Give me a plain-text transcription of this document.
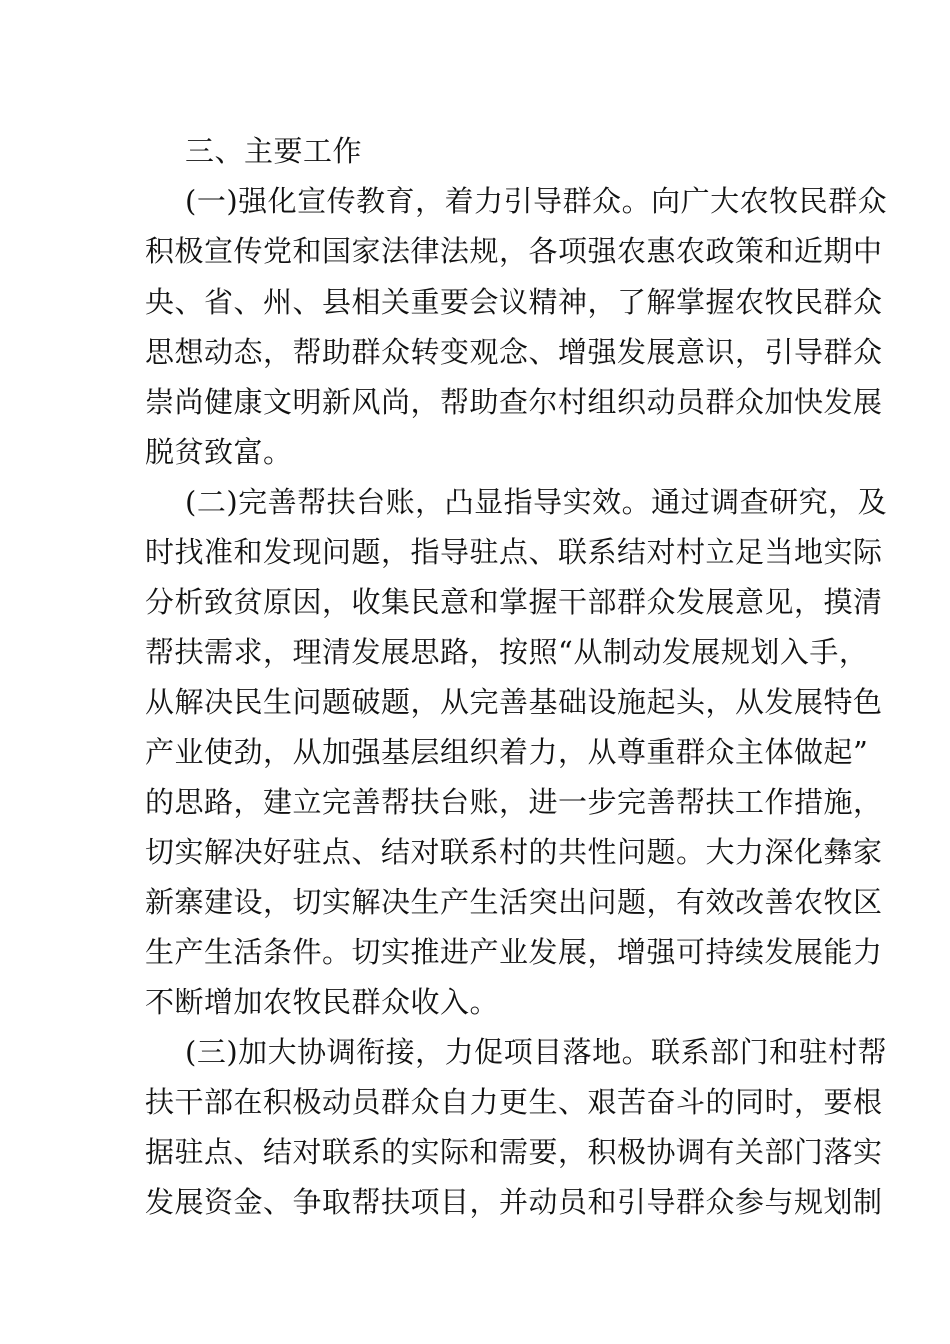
三、主要工作

(一)强化宣传教育，着力引导群众。向广大农牧民群众

积极宣传党和国家法律法规，各项强农惠农政策和近期中

央、省、州、县相关重要会议精神，了解掌握农牧民群众

思想动态，帮助群众转变观念、增强发展意识，引导群众

崇尚健康文明新风尚，帮助查尔村组织动员群众加快发展

脱贫致富。

(二)完善帮扶台账，凸显指导实效。通过调查研究，及

时找准和发现问题，指导驻点、联系结对村立足当地实际

分析致贫原因，收集民意和掌握干部群众发展意见，摸清

帮扶需求，理清发展思路，按照“从制动发展规划入手，

从解决民生问题破题，从完善基础设施起头，从发展特色

产业使劲，从加强基层组织着力，从尊重群众主体做起”

的思路，建立完善帮扶台账，进一步完善帮扶工作措施，

切实解决好驻点、结对联系村的共性问题。大力深化彝家

新寨建设，切实解决生产生活突出问题，有效改善农牧区

生产生活条件。切实推进产业发展，增强可持续发展能力

不断增加农牧民群众收入。

(三)加大协调衔接，力促项目落地。联系部门和驻村帮

扶干部在积极动员群众自力更生、艰苦奋斗的同时，要根

据驻点、结对联系的实际和需要，积极协调有关部门落实

发展资金、争取帮扶项目，并动员和引导群众参与规划制
